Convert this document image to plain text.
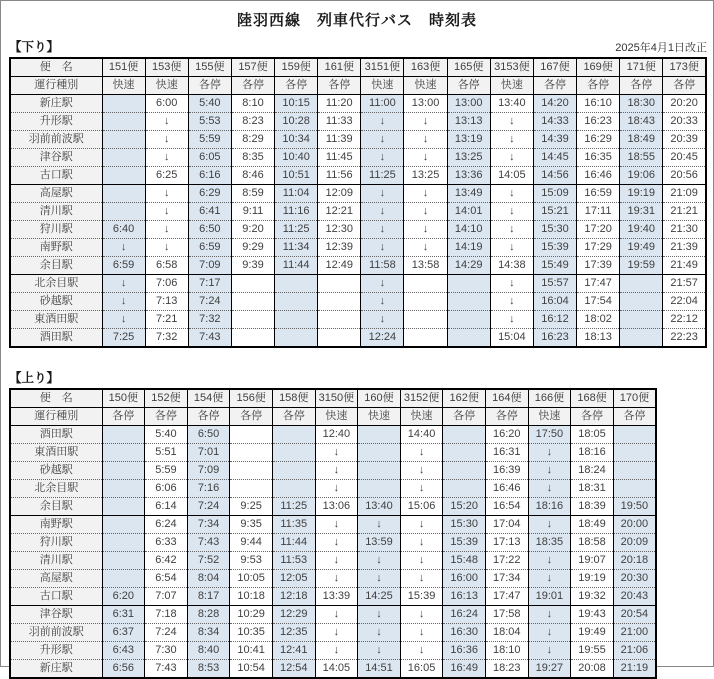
陸羽西線　列車代行バス　時刻表
【下り】	2025年4月1日改正
便　名	151便	153便	155便	157便	159便	161便	3151便	163便	165便	3153便	167便	169便	171便	173便
運行種別	快速	快速	各停	各停	各停	各停	快速	快速	各停	快速	各停	各停	各停	各停
新庄駅		6:00	5:40	8:10	10:15	11:20	11:00	13:00	13:00	13:40	14:20	16:10	18:30	20:20
升形駅		↓	5:53	8:23	10:28	11:33	↓	↓	13:13	↓	14:33	16:23	18:43	20:33
羽前前波駅		↓	5:59	8:29	10:34	11:39	↓	↓	13:19	↓	14:39	16:29	18:49	20:39
津谷駅		↓	6:05	8:35	10:40	11:45	↓	↓	13:25	↓	14:45	16:35	18:55	20:45
古口駅		6:25	6:16	8:46	10:51	11:56	11:25	13:25	13:36	14:05	14:56	16:46	19:06	20:56
高屋駅		↓	6:29	8:59	11:04	12:09	↓	↓	13:49	↓	15:09	16:59	19:19	21:09
清川駅		↓	6:41	9:11	11:16	12:21	↓	↓	14:01	↓	15:21	17:11	19:31	21:21
狩川駅	6:40	↓	6:50	9:20	11:25	12:30	↓	↓	14:10	↓	15:30	17:20	19:40	21:30
南野駅	↓	↓	6:59	9:29	11:34	12:39	↓	↓	14:19	↓	15:39	17:29	19:49	21:39
余目駅	6:59	6:58	7:09	9:39	11:44	12:49	11:58	13:58	14:29	14:38	15:49	17:39	19:59	21:49
北余目駅	↓	7:06	7:17				↓			↓	15:57	17:47		21:57
砂越駅	↓	7:13	7:24				↓			↓	16:04	17:54		22:04
東酒田駅	↓	7:21	7:32				↓			↓	16:12	18:02		22:12
酒田駅	7:25	7:32	7:43				12:24			15:04	16:23	18:13		22:23
【上り】
便　名	150便	152便	154便	156便	158便	3150便	160便	3152便	162便	164便	166便	168便	170便
運行種別	各停	各停	各停	各停	各停	快速	快速	快速	各停	各停	快速	各停	各停
酒田駅		5:40	6:50			12:40		14:40		16:20	17:50	18:05	
東酒田駅		5:51	7:01			↓		↓		16:31	↓	18:16	
砂越駅		5:59	7:09			↓		↓		16:39	↓	18:24	
北余目駅		6:06	7:16			↓		↓		16:46	↓	18:31	
余目駅		6:14	7:24	9:25	11:25	13:06	13:40	15:06	15:20	16:54	18:16	18:39	19:50
南野駅		6:24	7:34	9:35	11:35	↓	↓	↓	15:30	17:04	↓	18:49	20:00
狩川駅		6:33	7:43	9:44	11:44	↓	13:59	↓	15:39	17:13	18:35	18:58	20:09
清川駅		6:42	7:52	9:53	11:53	↓	↓	↓	15:48	17:22	↓	19:07	20:18
高屋駅		6:54	8:04	10:05	12:05	↓	↓	↓	16:00	17:34	↓	19:19	20:30
古口駅	6:20	7:07	8:17	10:18	12:18	13:39	14:25	15:39	16:13	17:47	19:01	19:32	20:43
津谷駅	6:31	7:18	8:28	10:29	12:29	↓	↓	↓	16:24	17:58	↓	19:43	20:54
羽前前波駅	6:37	7:24	8:34	10:35	12:35	↓	↓	↓	16:30	18:04	↓	19:49	21:00
升形駅	6:43	7:30	8:40	10:41	12:41	↓	↓	↓	16:36	18:10	↓	19:55	21:06
新庄駅	6:56	7:43	8:53	10:54	12:54	14:05	14:51	16:05	16:49	18:23	19:27	20:08	21:19
